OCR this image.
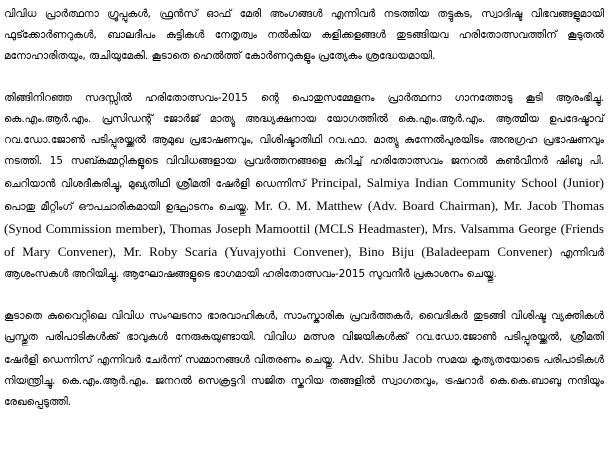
വിവിധ പ്രാർത്ഥനാ ഗ്രൂപ്പുകൾ, ഫ്രൻസ് ഓഫ് മേരി അംഗങ്ങൾ എന്നിവർ നടത്തിയ തട്ടുകട, സ്വാദിഷ്ട വിഭവങ്ങളുമായി ഫുട്ക്കോർണറുകൾ, ബാലദീപം കുട്ടികൾ നേതൃത്വം നൽകിയ കളിക്കളങ്ങൾ തുടങ്ങിയവ ഹരിതോത്സവത്തിന് കൂടുതൽ മനോഹാരിതയും, രുചിയുമേകി. കൂടാതെ ഹെൽത്ത് കോർണറുകളും പ്രത്യേകം ശ്രദ്ധേയമായി.

തിങ്ങിനിറഞ്ഞ സദസ്സിൽ ഹരിതോത്സവം-2015 ന്റെ പൊതുസമ്മേളനം പ്രാർത്ഥനാ ഗാനത്തോടു കൂടി ആരംഭിച്ചു. കെ.എം.ആർ.എം. പ്രസിഡന്റ് ജോർജ് മാത്യു അദ്ധ്യക്ഷനായ യോഗത്തിൽ കെ.എം.ആർ.എം. ആത്മീയ ഉപദേഷ്ടാവ് റവ.ഡോ.ജോൺ പടിപ്പുരയ്ക്കൽ ആമുഖ പ്രഭാഷണവും, വിശിഷ്ടാതിഥി റവ.ഫാ. മാത്യു കുന്നേൽപുരയിടം അനുഗ്രഹ പ്രഭാഷണവും നടത്തി. 15 സബ്കമ്മറ്റികളുടെ വിവിധങ്ങളായ പ്രവർത്തനങ്ങളെ കുറിച്ച് ഹരിതോത്സവം ജനറൽ കൺവീനർ ഷിബു പി. ചെറിയാൻ വിശദീകരിച്ചു, മുഖ്യതിഥി ശ്രീമതി ഷേർളി ഡെന്നിസ് Principal, Salmiya Indian Community School (Junior) പൊതു മീറ്റിംഗ് ഔപചാരികമായി ഉദ്ഘാടനം ചെയ്തു. Mr. O. M. Matthew (Adv. Board Chairman), Mr. Jacob Thomas (Synod Commission member), Thomas Joseph Mamoottil (MCLS Headmaster), Mrs. Valsamma George (Friends of Mary Convener), Mr. Roby Scaria (Yuvajyothi Convener), Bino Biju (Baladeepam Convener) എന്നിവർ ആശംസകൾ അറിയിച്ചു. ആഘോഷങ്ങളുടെ ഭാഗമായി ഹരിതോത്സവം-2015 സുവനീർ പ്രകാശനം ചെയ്തു.

കൂടാതെ കുവൈറ്റിലെ വിവിധ സംഘടനാ ഭാരവാഹികൾ, സാംസ്കാരിക പ്രവർത്തകർ, വൈദികർ തുടങ്ങി വിശിഷ്ട വ്യക്തികൾ പ്രസ്തുത പരിപാടികൾക്ക് ഭാവുകൾ നേരുകയുണ്ടായി. വിവിധ മത്സര വിജയികൾക്ക് റവ.ഡോ.ജോൺ പടിപ്പുരയ്ക്കൽ, ശ്രീമതി ഷേർളി ഡെന്നിസ് എന്നിവർ ചേർന്ന് സമ്മാനങ്ങൾ വിതരണം ചെയ്തു. Adv. Shibu Jacob സമയ കൃത്യതയോടെ പരിപാടികൾ നിയന്ത്രിച്ചു. കെ.എം.ആർ.എം. ജനറൽ സെക്രട്ടറി സജിത സ്കറിയ തങ്ങളിൽ സ്വാഗതവും, ട്രഷറാർ കെ.കെ.ബാബു നന്ദിയും രേഖപ്പെടുത്തി.
